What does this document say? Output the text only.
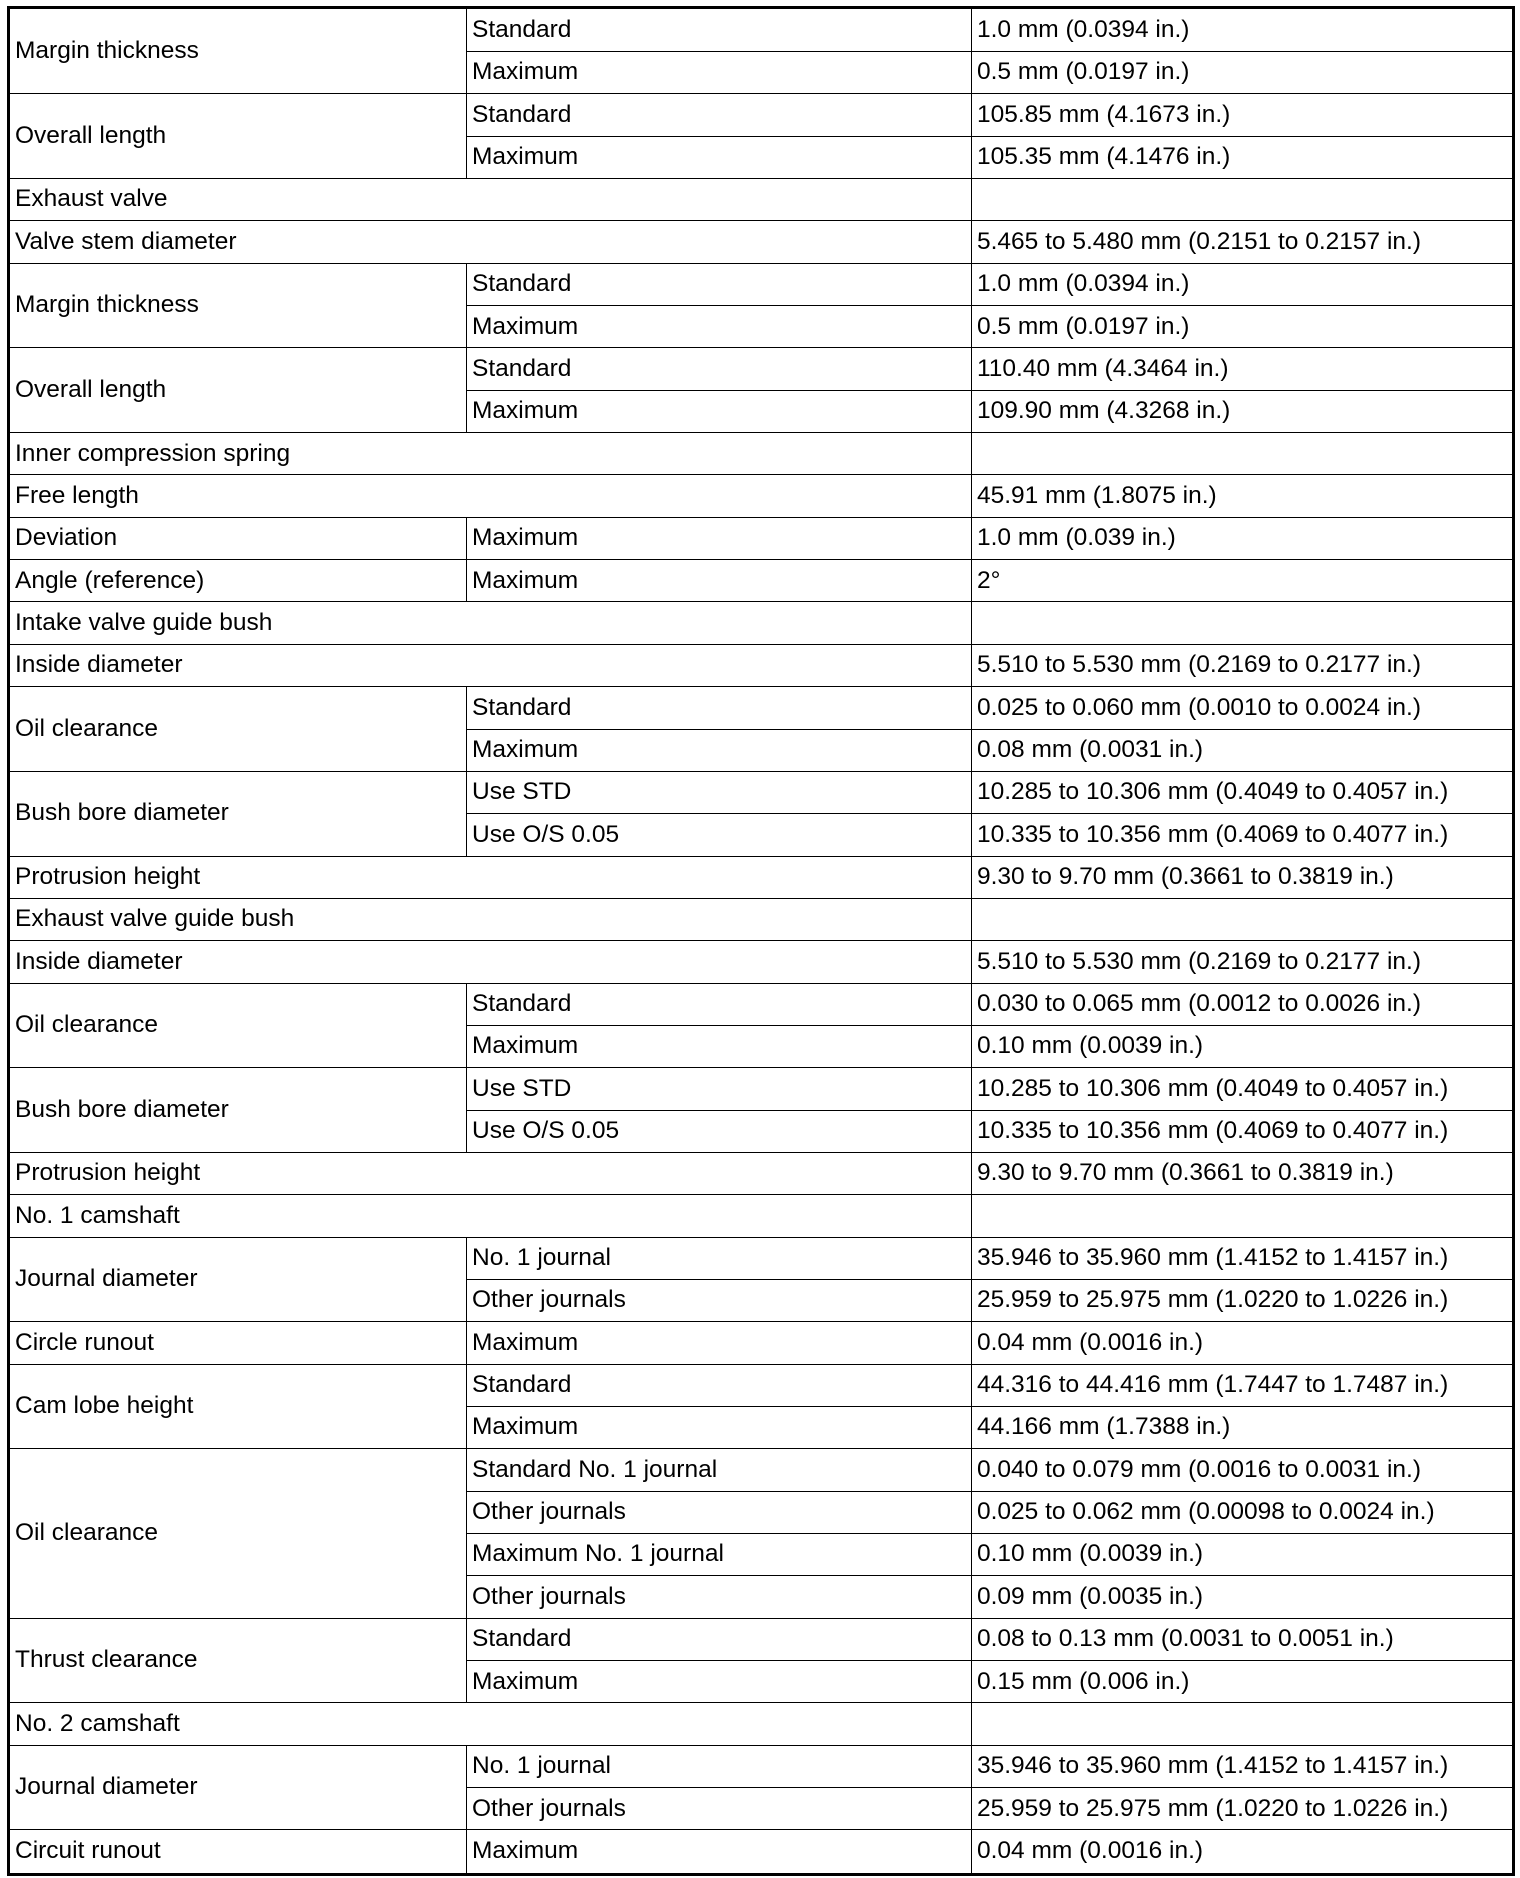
Margin thickness	Standard	1.0 mm (0.0394 in.)
	Maximum	0.5 mm (0.0197 in.)
Overall length	Standard	105.85 mm (4.1673 in.)
	Maximum	105.35 mm (4.1476 in.)
Exhaust valve		
Valve stem diameter		5.465 to 5.480 mm (0.2151 to 0.2157 in.)
Margin thickness	Standard	1.0 mm (0.0394 in.)
	Maximum	0.5 mm (0.0197 in.)
Overall length	Standard	110.40 mm (4.3464 in.)
	Maximum	109.90 mm (4.3268 in.)
Inner compression spring		
Free length		45.91 mm (1.8075 in.)
Deviation	Maximum	1.0 mm (0.039 in.)
Angle (reference)	Maximum	2°
Intake valve guide bush		
Inside diameter		5.510 to 5.530 mm (0.2169 to 0.2177 in.)
Oil clearance	Standard	0.025 to 0.060 mm (0.0010 to 0.0024 in.)
	Maximum	0.08 mm (0.0031 in.)
Bush bore diameter	Use STD	10.285 to 10.306 mm (0.4049 to 0.4057 in.)
	Use O/S 0.05	10.335 to 10.356 mm (0.4069 to 0.4077 in.)
Protrusion height		9.30 to 9.70 mm (0.3661 to 0.3819 in.)
Exhaust valve guide bush		
Inside diameter		5.510 to 5.530 mm (0.2169 to 0.2177 in.)
Oil clearance	Standard	0.030 to 0.065 mm (0.0012 to 0.0026 in.)
	Maximum	0.10 mm (0.0039 in.)
Bush bore diameter	Use STD	10.285 to 10.306 mm (0.4049 to 0.4057 in.)
	Use O/S 0.05	10.335 to 10.356 mm (0.4069 to 0.4077 in.)
Protrusion height		9.30 to 9.70 mm (0.3661 to 0.3819 in.)
No. 1 camshaft		
Journal diameter	No. 1 journal	35.946 to 35.960 mm (1.4152 to 1.4157 in.)
	Other journals	25.959 to 25.975 mm (1.0220 to 1.0226 in.)
Circle runout	Maximum	0.04 mm (0.0016 in.)
Cam lobe height	Standard	44.316 to 44.416 mm (1.7447 to 1.7487 in.)
	Maximum	44.166 mm (1.7388 in.)
Oil clearance	Standard No. 1 journal	0.040 to 0.079 mm (0.0016 to 0.0031 in.)
	Other journals	0.025 to 0.062 mm (0.00098 to 0.0024 in.)
	Maximum No. 1 journal	0.10 mm (0.0039 in.)
	Other journals	0.09 mm (0.0035 in.)
Thrust clearance	Standard	0.08 to 0.13 mm (0.0031 to 0.0051 in.)
	Maximum	0.15 mm (0.006 in.)
No. 2 camshaft		
Journal diameter	No. 1 journal	35.946 to 35.960 mm (1.4152 to 1.4157 in.)
	Other journals	25.959 to 25.975 mm (1.0220 to 1.0226 in.)
Circuit runout	Maximum	0.04 mm (0.0016 in.)
